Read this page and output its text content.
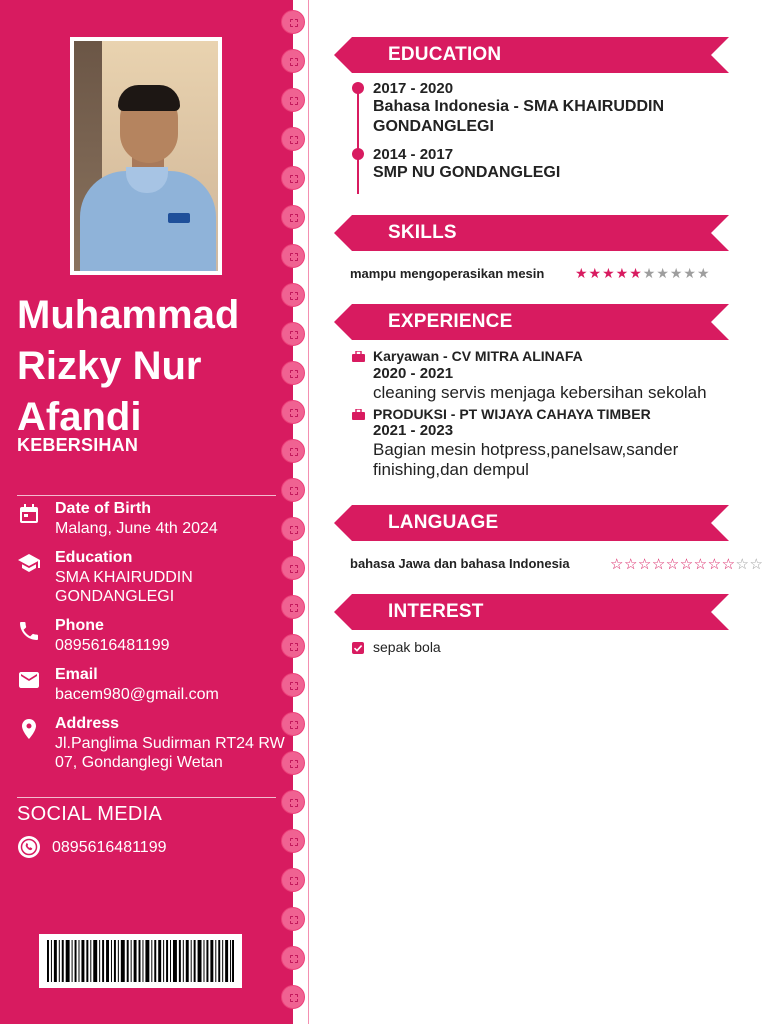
Muhammad Rizky Nur Afandi
KEBERSIHAN
Date of Birth
Malang, June 4th 2024
Education
SMA KHAIRUDDIN GONDANGLEGI
Phone
0895616481199
Email
bacem980@gmail.com
Address
Jl.Panglima Sudirman RT24 RW 07, Gondanglegi Wetan
SOCIAL MEDIA
0895616481199
EDUCATION
2017 - 2020
Bahasa Indonesia - SMA KHAIRUDDIN GONDANGLEGI
2014 - 2017
SMP NU GONDANGLEGI
SKILLS
mampu mengoperasikan mesin ★★★★★★★★★★
EXPERIENCE
Karyawan - CV MITRA ALINAFA
2020 - 2021
cleaning servis menjaga kebersihan sekolah
PRODUKSI - PT WIJAYA CAHAYA TIMBER
2021 - 2023
Bagian mesin hotpress,panelsaw,sander finishing,dan dempul
LANGUAGE
bahasa Jawa dan bahasa Indonesia	☆☆☆☆☆☆☆☆☆☆☆
INTEREST
sepak bola
